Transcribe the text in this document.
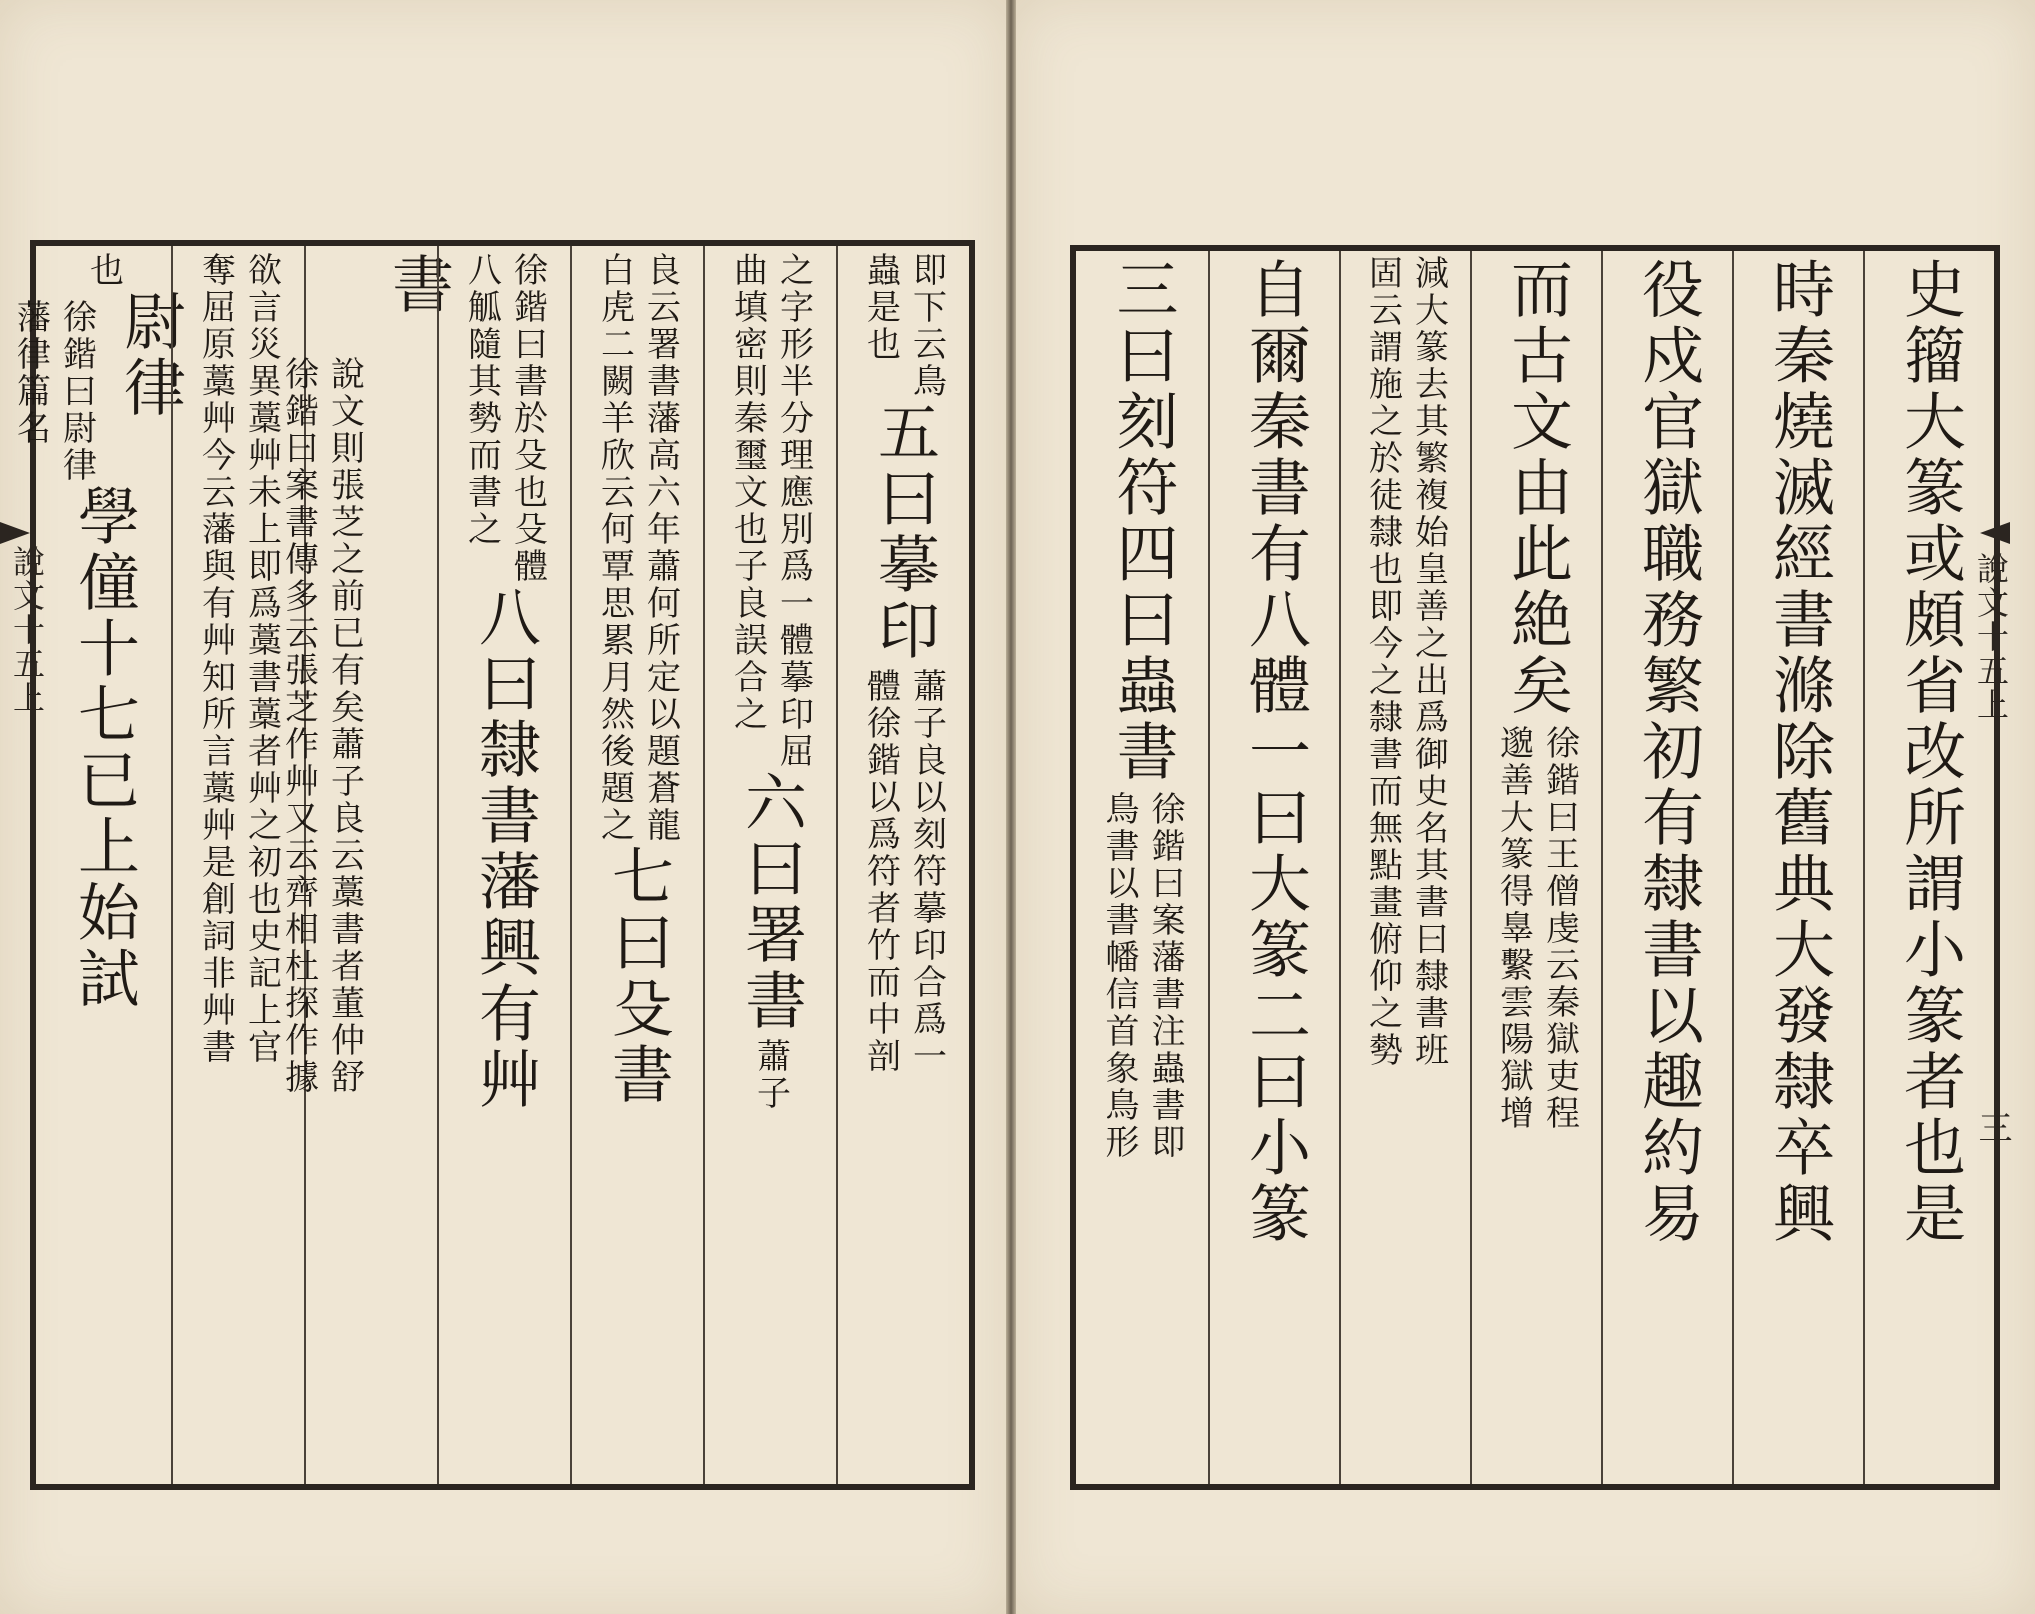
史籀大篆或頗省改所謂小篆者也是
時秦燒滅經書滌除舊典大發隸卒興
役戍官獄職務繁初有隸書以趣約易
而古文由此絶矣
徐鍇曰王僧虔云秦獄吏程
邈善大篆得辠繫雲陽獄增
減大篆去其繁複始皇善之出爲御史名其書曰隸書班
固云謂施之於徒隸也即今之隸書而無點畫俯仰之勢
自爾秦書有八體一曰大篆二曰小篆
三曰刻符四曰蟲書
徐鍇曰案藩書注蟲書即
鳥書以書幡信首象鳥形
說文十五上
三
即下云鳥
蟲是也
五曰摹印
蕭子良以刻符摹印合爲一
體徐鍇以爲符者竹而中剖
之字形半分理應別爲一體摹印屈
曲填密則秦璽文也子良誤合之
六曰署書
蕭子
良云署書藩高六年蕭何所定以題蒼龍
白虎二闕羊欣云何覃思累月然後題之
七曰殳書
徐鍇曰書於殳也殳體
八觚隨其勢而書之
八曰隸書藩興有艸
書
說文則張芝之前已有矣蕭子良云藁書者董仲舒
徐鍇曰案書傳多云張芝作艸又云齊相杜探作據
欲言災異藁艸未上即爲藁書藁者艸之初也史記上官
奪屈原藁艸今云藩與有艸知所言藁艸是創詞非艸書
也
尉律
徐鍇曰尉律
藩律篇名
學僮十七已上始試
說文十五上
